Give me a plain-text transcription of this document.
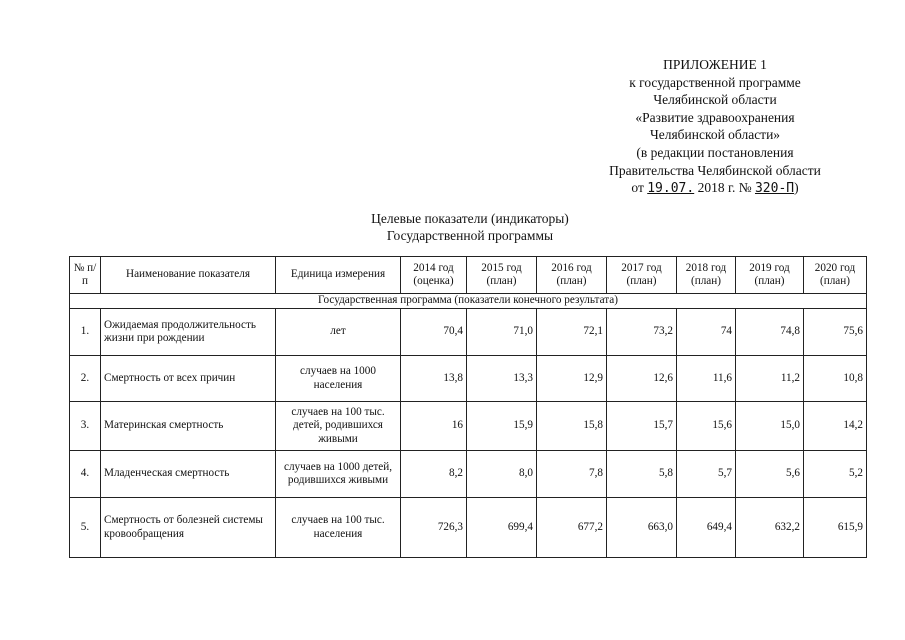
ПРИЛОЖЕНИЕ 1
к государственной программе
Челябинской области
«Развитие здравоохранения
Челябинской области»
(в редакции постановления
Правительства Челябинской области
от 19.07. 2018 г. № 320-П)
Целевые показатели (индикаторы)
Государственной программы
№ п/п	Наименование показателя	Единица измерения	2014 год (оценка)	2015 год (план)	2016 год (план)	2017 год (план)	2018 год (план)	2019 год (план)	2020 год (план)
Государственная программа (показатели конечного результата)									
1.	Ожидаемая продолжительность жизни при рождении	лет	70,4	71,0	72,1	73,2	74	74,8	75,6
2.	Смертность от всех причин	случаев на 1000 населения	13,8	13,3	12,9	12,6	11,6	11,2	10,8
3.	Материнская смертность	случаев на 100 тыс. детей, родившихся живыми	16	15,9	15,8	15,7	15,6	15,0	14,2
4.	Младенческая смертность	случаев на 1000 детей, родившихся живыми	8,2	8,0	7,8	5,8	5,7	5,6	5,2
5.	Смертность от болезней системы кровообращения	случаев на 100 тыс. населения	726,3	699,4	677,2	663,0	649,4	632,2	615,9
